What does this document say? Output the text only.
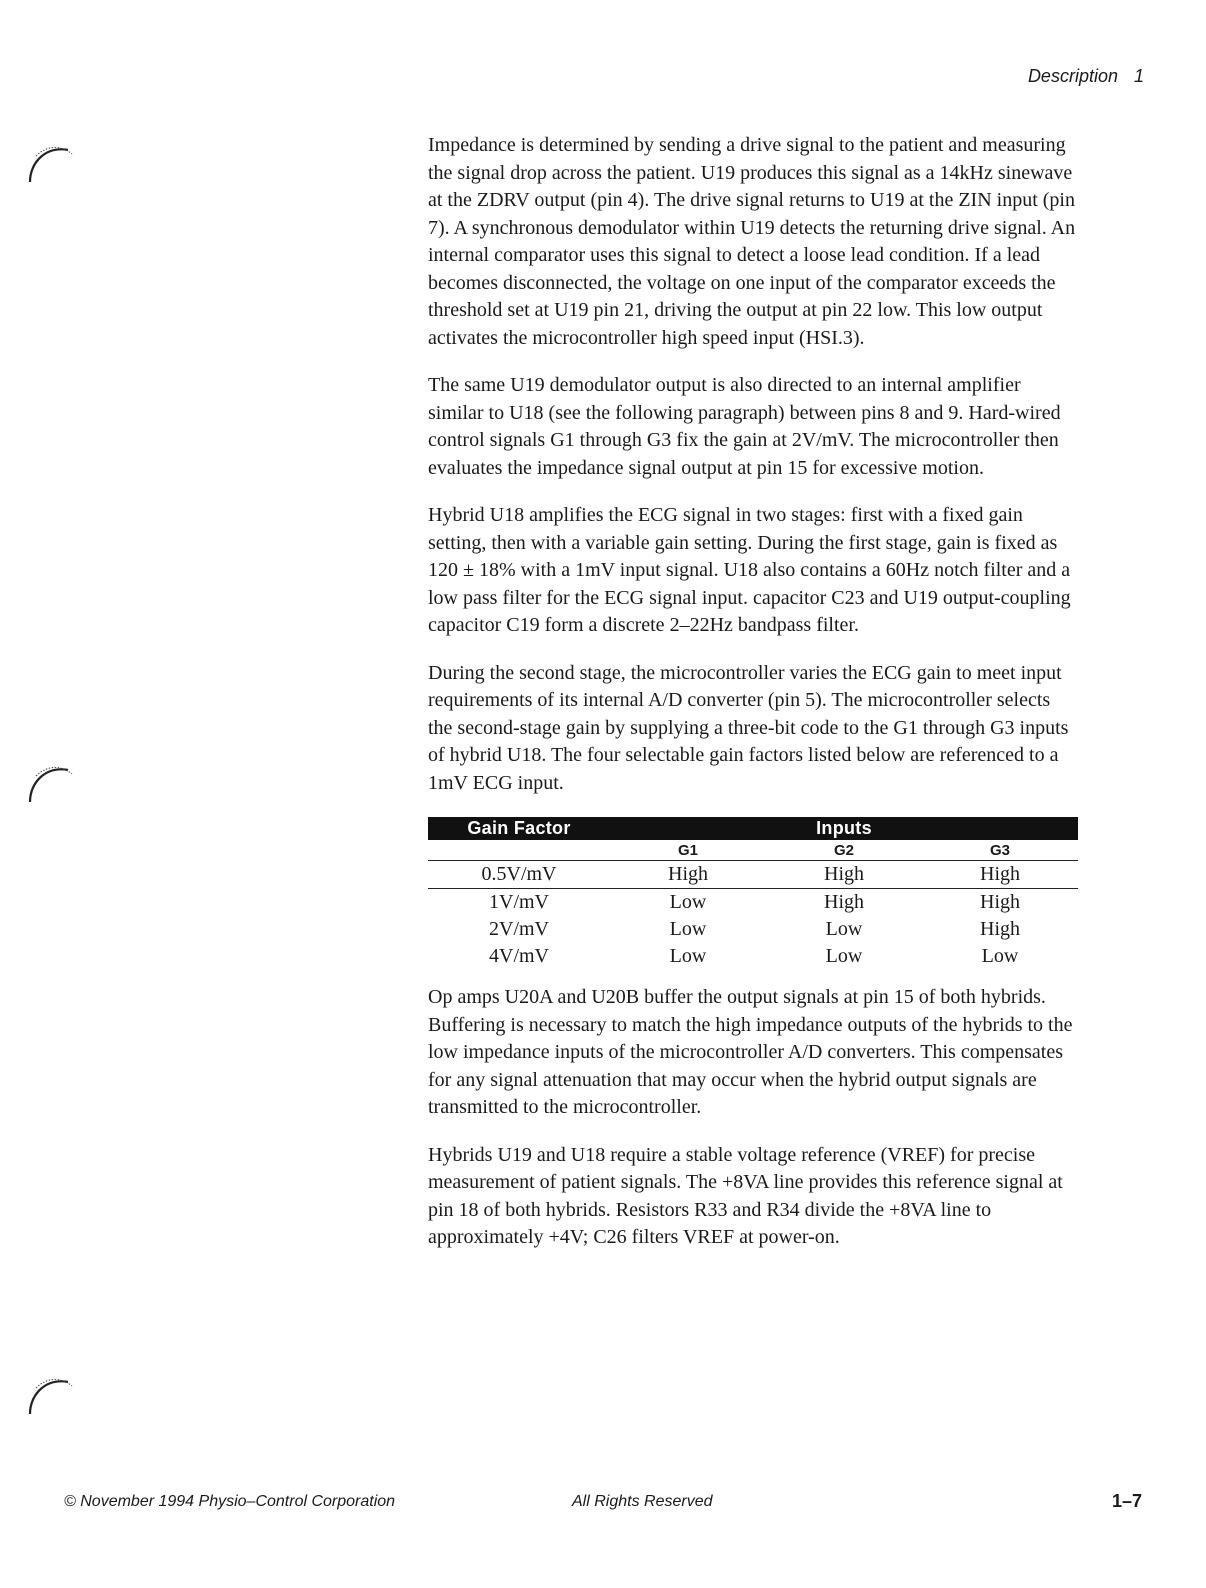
Description 1

Impedance is determined by sending a drive signal to the patient and measuring the signal drop across the patient. U19 produces this signal as a 14kHz sinewave at the ZDRV output (pin 4). The drive signal returns to U19 at the ZIN input (pin 7). A synchronous demodulator within U19 detects the returning drive signal. An internal comparator uses this signal to detect a loose lead condition. If a lead becomes disconnected, the voltage on one input of the comparator exceeds the threshold set at U19 pin 21, driving the output at pin 22 low. This low output activates the microcontroller high speed input (HSI.3).

The same U19 demodulator output is also directed to an internal amplifier similar to U18 (see the following paragraph) between pins 8 and 9. Hard-wired control signals G1 through G3 fix the gain at 2V/mV. The microcontroller then evaluates the impedance signal output at pin 15 for excessive motion.

Hybrid U18 amplifies the ECG signal in two stages: first with a fixed gain setting, then with a variable gain setting. During the first stage, gain is fixed as 120 ± 18% with a 1mV input signal. U18 also contains a 60Hz notch filter and a low pass filter for the ECG signal input. capacitor C23 and U19 output-coupling capacitor C19 form a discrete 2–22Hz bandpass filter.

During the second stage, the microcontroller varies the ECG gain to meet input requirements of its internal A/D converter (pin 5). The microcontroller selects the second-stage gain by supplying a three-bit code to the G1 through G3 inputs of hybrid U18. The four selectable gain factors listed below are referenced to a 1mV ECG input.

Gain Factor	Inputs		
	G1	G2	G3
0.5V/mV	High	High	High
1V/mV	Low	High	High
2V/mV	Low	Low	High
4V/mV	Low	Low	Low

Op amps U20A and U20B buffer the output signals at pin 15 of both hybrids. Buffering is necessary to match the high impedance outputs of the hybrids to the low impedance inputs of the microcontroller A/D converters. This compensates for any signal attenuation that may occur when the hybrid output signals are transmitted to the microcontroller.

Hybrids U19 and U18 require a stable voltage reference (VREF) for precise measurement of patient signals. The +8VA line provides this reference signal at pin 18 of both hybrids. Resistors R33 and R34 divide the +8VA line to approximately +4V; C26 filters VREF at power-on.

© November 1994 Physio–Control Corporation	All Rights Reserved	1–7
